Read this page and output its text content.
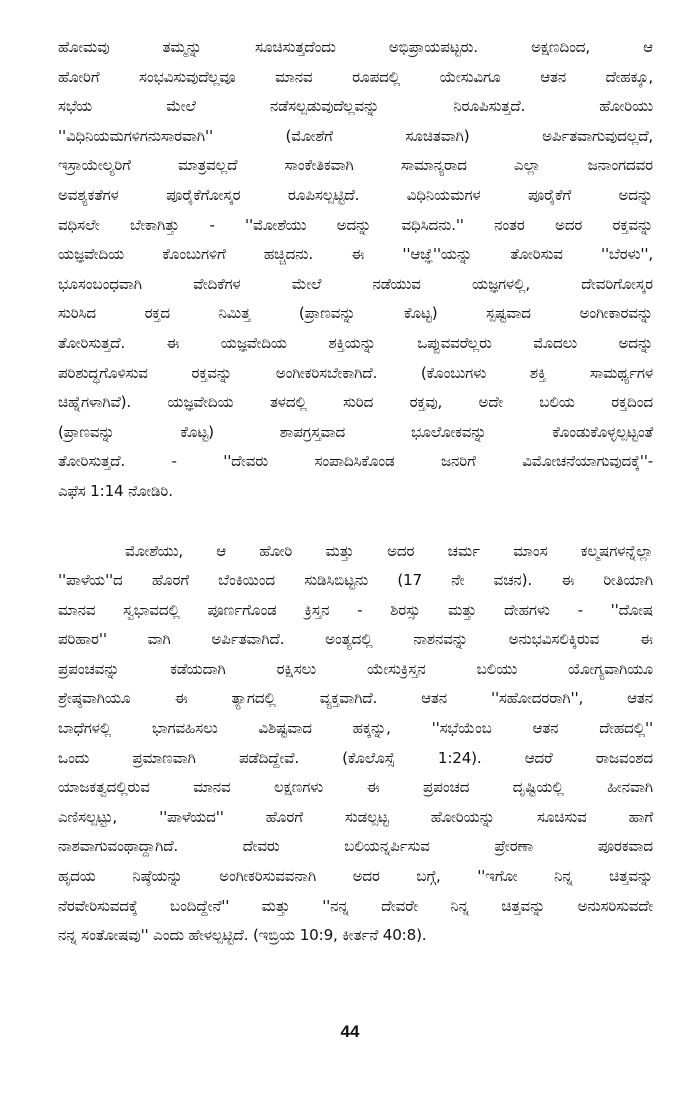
ಹೋಮವು ತಮ್ಮನ್ನು ಸೂಚಿಸುತ್ತದೆಂದು ಅಭಿಪ್ರಾಯಪಟ್ಟರು. ಅಕ್ಷಣದಿಂದ, ಆ
ಹೋರಿಗೆ ಸಂಭವಿಸುವುದೆಲ್ಲವೂ ಮಾನವ ರೂಪದಲ್ಲಿ ಯೇಸುವಿಗೂ ಆತನ ದೇಹಕ್ಕೂ,
ಸಭೆಯ ಮೇಲೆ ನಡೆಸಲ್ಪಡುವುದೆಲ್ಲವನ್ನು ನಿರೂಪಿಸುತ್ತದೆ. ಹೋರಿಯು
''ವಿಧಿನಿಯಮಗಳಿಗನುಸಾರವಾಗಿ'' (ಮೋಶೆಗೆ ಸೂಚಿತವಾಗಿ) ಅರ್ಪಿತವಾಗುವುದಲ್ಲದೆ,
ಇಸ್ರಾಯೇಲ್ಯರಿಗೆ ಮಾತ್ರವಲ್ಲದೆ ಸಾಂಕೇತಿಕವಾಗಿ ಸಾಮಾನ್ಯರಾದ ಎಲ್ಲಾ ಜನಾಂಗದವರ
ಅವಶ್ಯಕತೆಗಳ ಪೂರೈಕೆಗೋಸ್ಕರ ರೂಪಿಸಲ್ಪಟ್ಟಿದೆ. ವಿಧಿನಿಯಮಗಳ ಪೂರೈಕೆಗೆ ಅದನ್ನು
ವಧಿಸಲೇ ಬೇಕಾಗಿತ್ತು - ''ಮೋಶೆಯು ಅದನ್ನು ವಧಿಸಿದನು.'' ನಂತರ ಅದರ ರಕ್ತವನ್ನು
ಯಜ್ಞವೇದಿಯ ಕೊಂಬುಗಳಿಗೆ ಹಚ್ಚಿದನು. ಈ ''ಆಜ್ಞೆ''ಯನ್ನು ತೋರಿಸುವ ''ಬೆರಳು'',
ಭೂಸಂಬಂಧವಾಗಿ ವೇದಿಕೆಗಳ ಮೇಲೆ ನಡೆಯುವ ಯಜ್ಞಗಳಲ್ಲಿ, ದೇವರಿಗೋಸ್ಕರ
ಸುರಿಸಿದ ರಕ್ತದ ನಿಮಿತ್ತ (ಪ್ರಾಣವನ್ನು ಕೊಟ್ಟ) ಸ್ಪಷ್ಟವಾದ ಅಂಗೀಕಾರವನ್ನು
ತೋರಿಸುತ್ತದೆ. ಈ ಯಜ್ಞವೇದಿಯ ಶಕ್ತಿಯನ್ನು ಒಪ್ಪುವವರೆಲ್ಲರು ಮೊದಲು ಅದನ್ನು
ಪರಿಶುದ್ಧಗೊಳಿಸುವ ರಕ್ತವನ್ನು ಅಂಗೀಕರಿಸಬೇಕಾಗಿದೆ. (ಕೊಂಬುಗಳು ಶಕ್ತಿ ಸಾಮರ್ಥ್ಯಗಳ
ಚಿಹ್ನೆಗಳಾಗಿವೆ). ಯಜ್ಞವೇದಿಯ ತಳದಲ್ಲಿ ಸುರಿದ ರಕ್ತವು, ಅದೇ ಬಲಿಯ ರಕ್ತದಿಂದ
(ಪ್ರಾಣವನ್ನು ಕೊಟ್ಟ) ಶಾಪಗ್ರಸ್ತವಾದ ಭೂಲೋಕವನ್ನು ಕೊಂಡುಕೊಳ್ಳಲ್ಪಟ್ಟಂತೆ
ತೋರಿಸುತ್ತದೆ. - ''ದೇವರು ಸಂಪಾದಿಸಿಕೊಂಡ ಜನರಿಗೆ ವಿಮೋಚನೆಯಾಗುವುದಕ್ಕೆ''-
ಎಫೆಸ 1:14 ನೋಡಿರಿ.
ಮೋಶೆಯು, ಆ ಹೋರಿ ಮತ್ತು ಅದರ ಚರ್ಮ ಮಾಂಸ ಕಲ್ಮಷಗಳನ್ನೆಲ್ಲಾ
''ಪಾಳೆಯ''ದ ಹೊರಗೆ ಬೆಂಕಿಯಿಂದ ಸುಡಿಸಿಬಿಟ್ಟನು (17 ನೇ ವಚನ). ಈ ರೀತಿಯಾಗಿ
ಮಾನವ ಸ್ವಭಾವದಲ್ಲಿ ಪೂರ್ಣಗೊಂಡ ಕ್ರಿಸ್ತನ - ಶಿರಸ್ಸು ಮತ್ತು ದೇಹಗಳು - ''ದೋಷ
ಪರಿಹಾರ'' ವಾಗಿ ಅರ್ಪಿತವಾಗಿದೆ. ಅಂತ್ಯದಲ್ಲಿ ನಾಶನವನ್ನು ಅನುಭವಿಸಲಿಕ್ಕಿರುವ ಈ
ಪ್ರಪಂಚವನ್ನು ಕಡೆಯದಾಗಿ ರಕ್ಷಿಸಲು ಯೇಸುಕ್ರಿಸ್ತನ ಬಲಿಯು ಯೋಗ್ಯವಾಗಿಯೂ
ಶ್ರೇಷ್ಠವಾಗಿಯೂ ಈ ತ್ಯಾಗದಲ್ಲಿ ವ್ಯಕ್ತವಾಗಿದೆ. ಆತನ ''ಸಹೋದರರಾಗಿ'', ಆತನ
ಬಾಧೆಗಳಲ್ಲಿ ಭಾಗವಹಿಸಲು ವಿಶಿಷ್ಟವಾದ ಹಕ್ಕನ್ನು, ''ಸಭೆಯೆಂಬ ಆತನ ದೇಹದಲ್ಲಿ''
ಒಂದು ಪ್ರಮಾಣವಾಗಿ ಪಡೆದಿದ್ದೇವೆ. (ಕೊಲೊಸ್ಸೆ 1:24). ಆದರೆ ರಾಜವಂಶದ
ಯಾಜಕತ್ವದಲ್ಲಿರುವ ಮಾನವ ಲಕ್ಷಣಗಳು ಈ ಪ್ರಪಂಚದ ದೃಷ್ಟಿಯಲ್ಲಿ ಹೀನವಾಗಿ
ಎಣಿಸಲ್ಪಟ್ಟು, ''ಪಾಳೆಯದ'' ಹೊರಗೆ ಸುಡಲ್ಪಟ್ಟ ಹೋರಿಯನ್ನು ಸೂಚಿಸುವ ಹಾಗೆ
ನಾಶವಾಗುವಂಥಾದ್ದಾಗಿದೆ. ದೇವರು ಬಲಿಯನ್ನರ್ಪಿಸುವ ಪ್ರೇರಣಾ ಪೂರಕವಾದ
ಹೃದಯ ನಿಷ್ಠೆಯನ್ನು ಅಂಗೀಕರಿಸುವವನಾಗಿ ಅದರ ಬಗ್ಗೆ, ''ಇಗೋ ನಿನ್ನ ಚಿತ್ತವನ್ನು
ನೆರವೇರಿಸುವದಕ್ಕೆ ಬಂದಿದ್ದೇನೆ'' ಮತ್ತು ''ನನ್ನ ದೇವರೇ ನಿನ್ನ ಚಿತ್ತವನ್ನು ಅನುಸರಿಸುವದೇ
ನನ್ನ ಸಂತೋಷವು'' ಎಂದು ಹೇಳಲ್ಪಟ್ಟಿದೆ. (ಇಬ್ರಿಯ 10:9, ಕೀರ್ತನೆ 40:8).
44
